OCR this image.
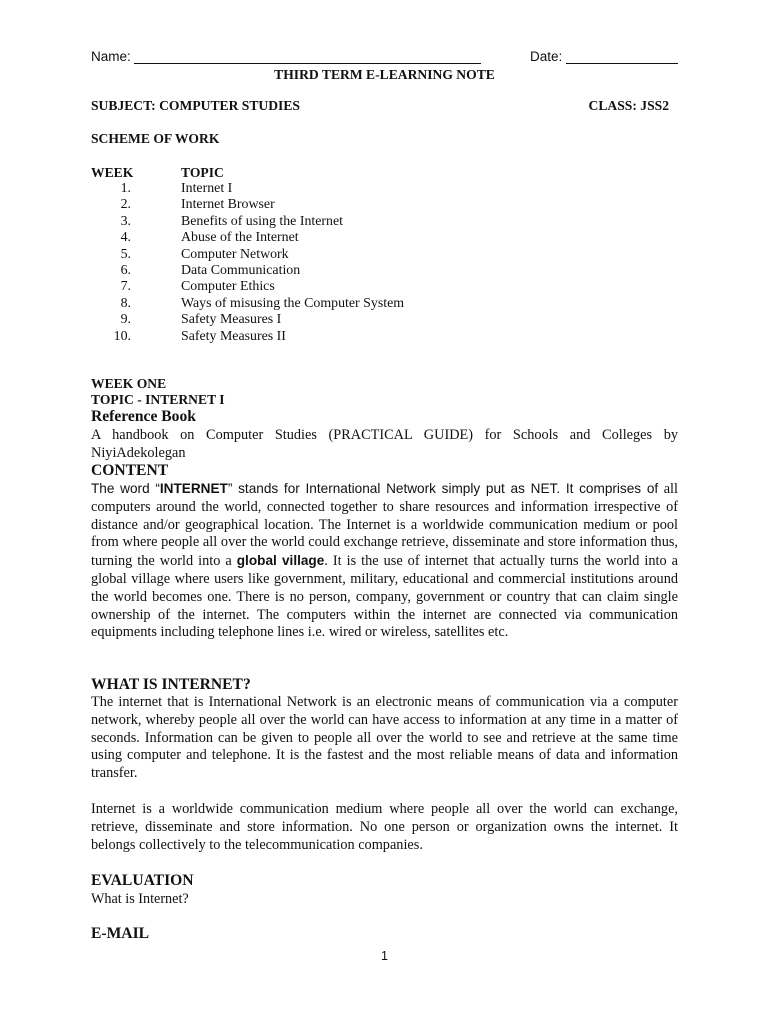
Name:	Date:
THIRD TERM E-LEARNING NOTE
SUBJECT: COMPUTER STUDIES	CLASS: JSS2
SCHEME OF WORK
WEEK	TOPIC
1.	Internet I
2.	Internet Browser
3.	Benefits of using the Internet
4.	Abuse of the Internet
5.	Computer Network
6.	Data Communication
7.	Computer Ethics
8.	Ways of misusing the Computer System
9.	Safety Measures I
10.	Safety Measures II
WEEK ONE
TOPIC - INTERNET I
Reference Book
A handbook on Computer Studies (PRACTICAL GUIDE) for Schools and Colleges by NiyiAdekolegan
CONTENT
The word “INTERNET” stands for International Network simply put as NET. It comprises of all computers around the world, connected together to share resources and information irrespective of distance and/or geographical location. The Internet is a worldwide communication medium or pool from where people all over the world could exchange retrieve, disseminate and store information thus, turning the world into a global village. It is the use of internet that actually turns the world into a global village where users like government, military, educational and commercial institutions around the world becomes one. There is no person, company, government or country that can claim single ownership of the internet. The computers within the internet are connected via communication equipments including telephone lines i.e. wired or wireless, satellites etc.
WHAT IS INTERNET?
The internet that is International Network is an electronic means of communication via a computer network, whereby people all over the world can have access to information at any time in a matter of seconds. Information can be given to people all over the world to see and retrieve at the same time using computer and telephone. It is the fastest and the most reliable means of data and information transfer.
Internet is a worldwide communication medium where people all over the world can exchange, retrieve, disseminate and store information. No one person or organization owns the internet. It belongs collectively to the telecommunication companies.
EVALUATION
What is Internet?
E-MAIL
1
